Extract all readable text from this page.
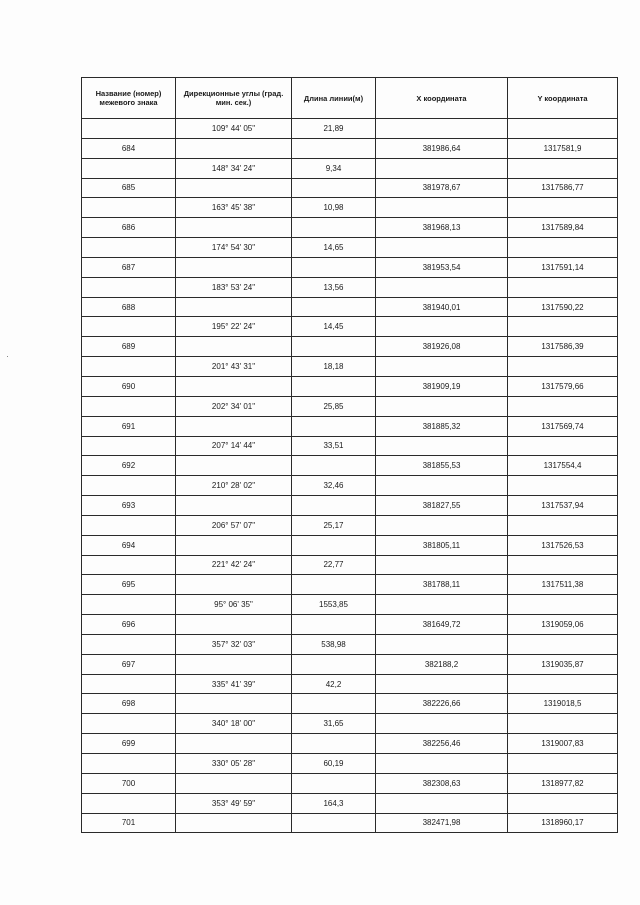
Название (номер) межевого знака	Дирекционные углы (град. мин. сек.)	Длина линии(м)	X координата	Y координата
	109° 44' 05"	21,89		
684			381986,64	1317581,9
	148° 34' 24"	9,34		
685			381978,67	1317586,77
	163° 45' 38"	10,98		
686			381968,13	1317589,84
	174° 54' 30"	14,65		
687			381953,54	1317591,14
	183° 53' 24"	13,56		
688			381940,01	1317590,22
	195° 22' 24"	14,45		
689			381926,08	1317586,39
	201° 43' 31"	18,18		
690			381909,19	1317579,66
	202° 34' 01"	25,85		
691			381885,32	1317569,74
	207° 14' 44"	33,51		
692			381855,53	1317554,4
	210° 28' 02"	32,46		
693			381827,55	1317537,94
	206° 57' 07"	25,17		
694			381805,11	1317526,53
	221° 42' 24"	22,77		
695			381788,11	1317511,38
	95° 06' 35"	1553,85		
696			381649,72	1319059,06
	357° 32' 03"	538,98		
697			382188,2	1319035,87
	335° 41' 39"	42,2		
698			382226,66	1319018,5
	340° 18' 00"	31,65		
699			382256,46	1319007,83
	330° 05' 28"	60,19		
700			382308,63	1318977,82
	353° 49' 59"	164,3		
701			382471,98	1318960,17
